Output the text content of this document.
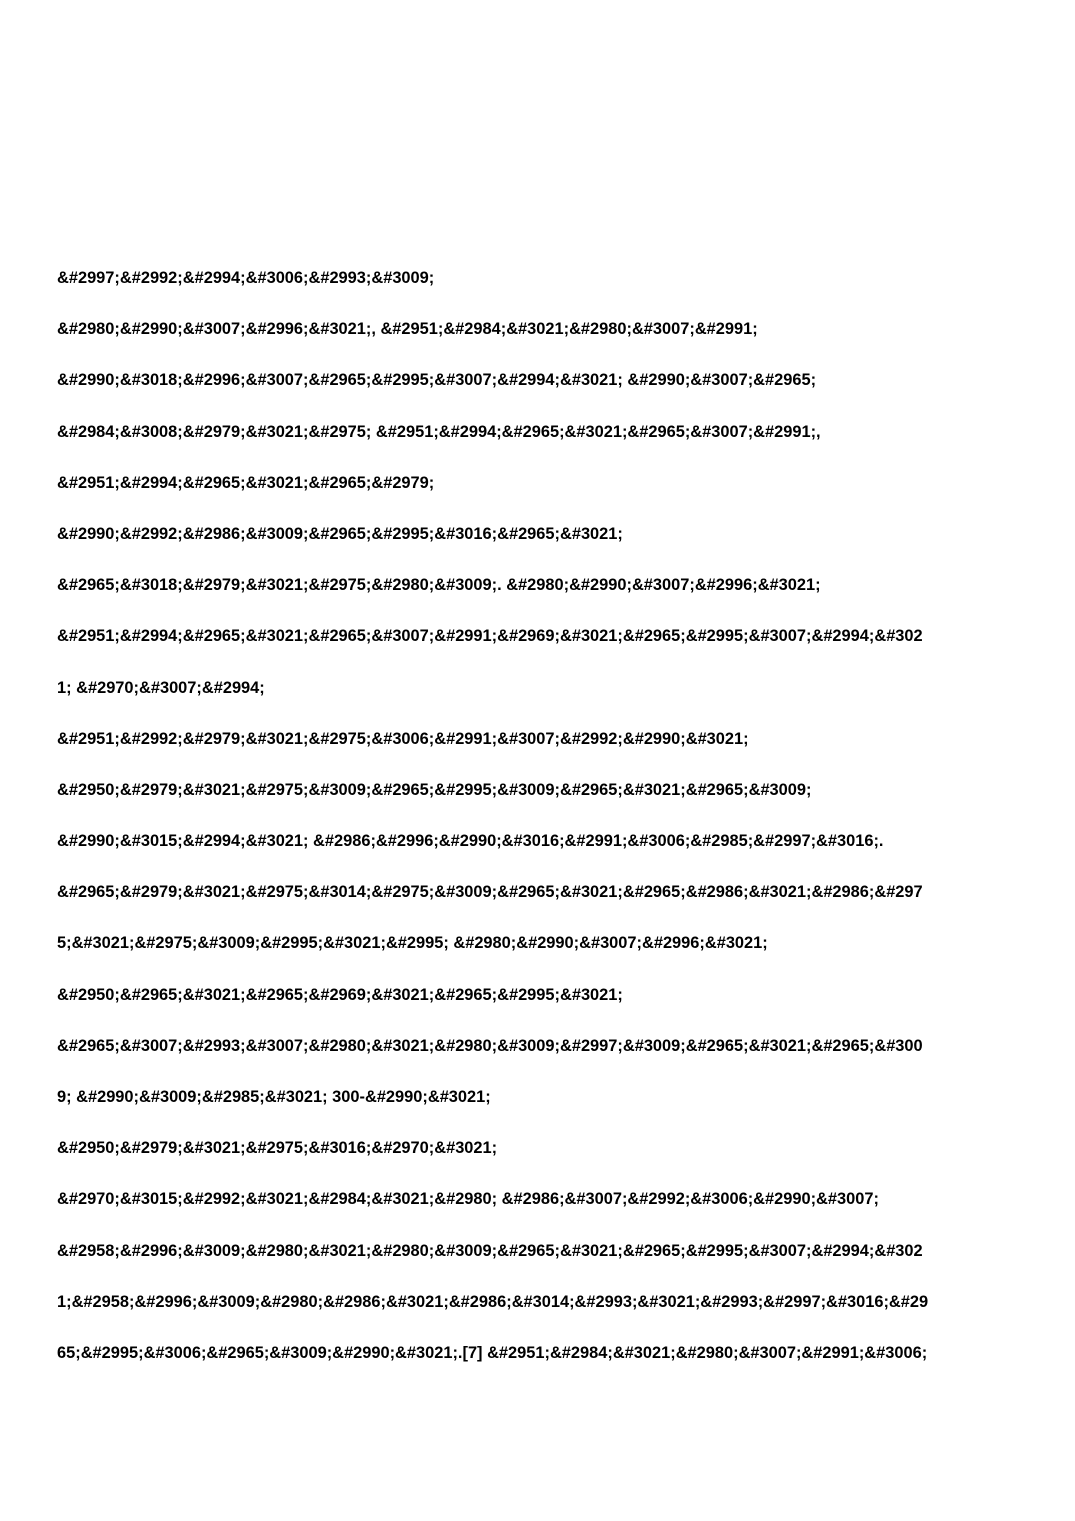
&#2997;&#2992;&#2994;&#3006;&#2993;&#3009;
&#2980;&#2990;&#3007;&#2996;&#3021;, &#2951;&#2984;&#3021;&#2980;&#3007;&#2991;
&#2990;&#3018;&#2996;&#3007;&#2965;&#2995;&#3007;&#2994;&#3021; &#2990;&#3007;&#2965;
&#2984;&#3008;&#2979;&#3021;&#2975; &#2951;&#2994;&#2965;&#3021;&#2965;&#3007;&#2991;,
&#2951;&#2994;&#2965;&#3021;&#2965;&#2979;
&#2990;&#2992;&#2986;&#3009;&#2965;&#2995;&#3016;&#2965;&#3021;
&#2965;&#3018;&#2979;&#3021;&#2975;&#2980;&#3009;. &#2980;&#2990;&#3007;&#2996;&#3021;
&#2951;&#2994;&#2965;&#3021;&#2965;&#3007;&#2991;&#2969;&#3021;&#2965;&#2995;&#3007;&#2994;&#302
1; &#2970;&#3007;&#2994;
&#2951;&#2992;&#2979;&#3021;&#2975;&#3006;&#2991;&#3007;&#2992;&#2990;&#3021;
&#2950;&#2979;&#3021;&#2975;&#3009;&#2965;&#2995;&#3009;&#2965;&#3021;&#2965;&#3009;
&#2990;&#3015;&#2994;&#3021; &#2986;&#2996;&#2990;&#3016;&#2991;&#3006;&#2985;&#2997;&#3016;.
&#2965;&#2979;&#3021;&#2975;&#3014;&#2975;&#3009;&#2965;&#3021;&#2965;&#2986;&#3021;&#2986;&#297
5;&#3021;&#2975;&#3009;&#2995;&#3021;&#2995; &#2980;&#2990;&#3007;&#2996;&#3021;
&#2950;&#2965;&#3021;&#2965;&#2969;&#3021;&#2965;&#2995;&#3021;
&#2965;&#3007;&#2993;&#3007;&#2980;&#3021;&#2980;&#3009;&#2997;&#3009;&#2965;&#3021;&#2965;&#300
9; &#2990;&#3009;&#2985;&#3021; 300-&#2990;&#3021;
&#2950;&#2979;&#3021;&#2975;&#3016;&#2970;&#3021;
&#2970;&#3015;&#2992;&#3021;&#2984;&#3021;&#2980; &#2986;&#3007;&#2992;&#3006;&#2990;&#3007;
&#2958;&#2996;&#3009;&#2980;&#3021;&#2980;&#3009;&#2965;&#3021;&#2965;&#2995;&#3007;&#2994;&#302
1;&#2958;&#2996;&#3009;&#2980;&#2986;&#3021;&#2986;&#3014;&#2993;&#3021;&#2993;&#2997;&#3016;&#29
65;&#2995;&#3006;&#2965;&#3009;&#2990;&#3021;.[7] &#2951;&#2984;&#3021;&#2980;&#3007;&#2991;&#3006;
